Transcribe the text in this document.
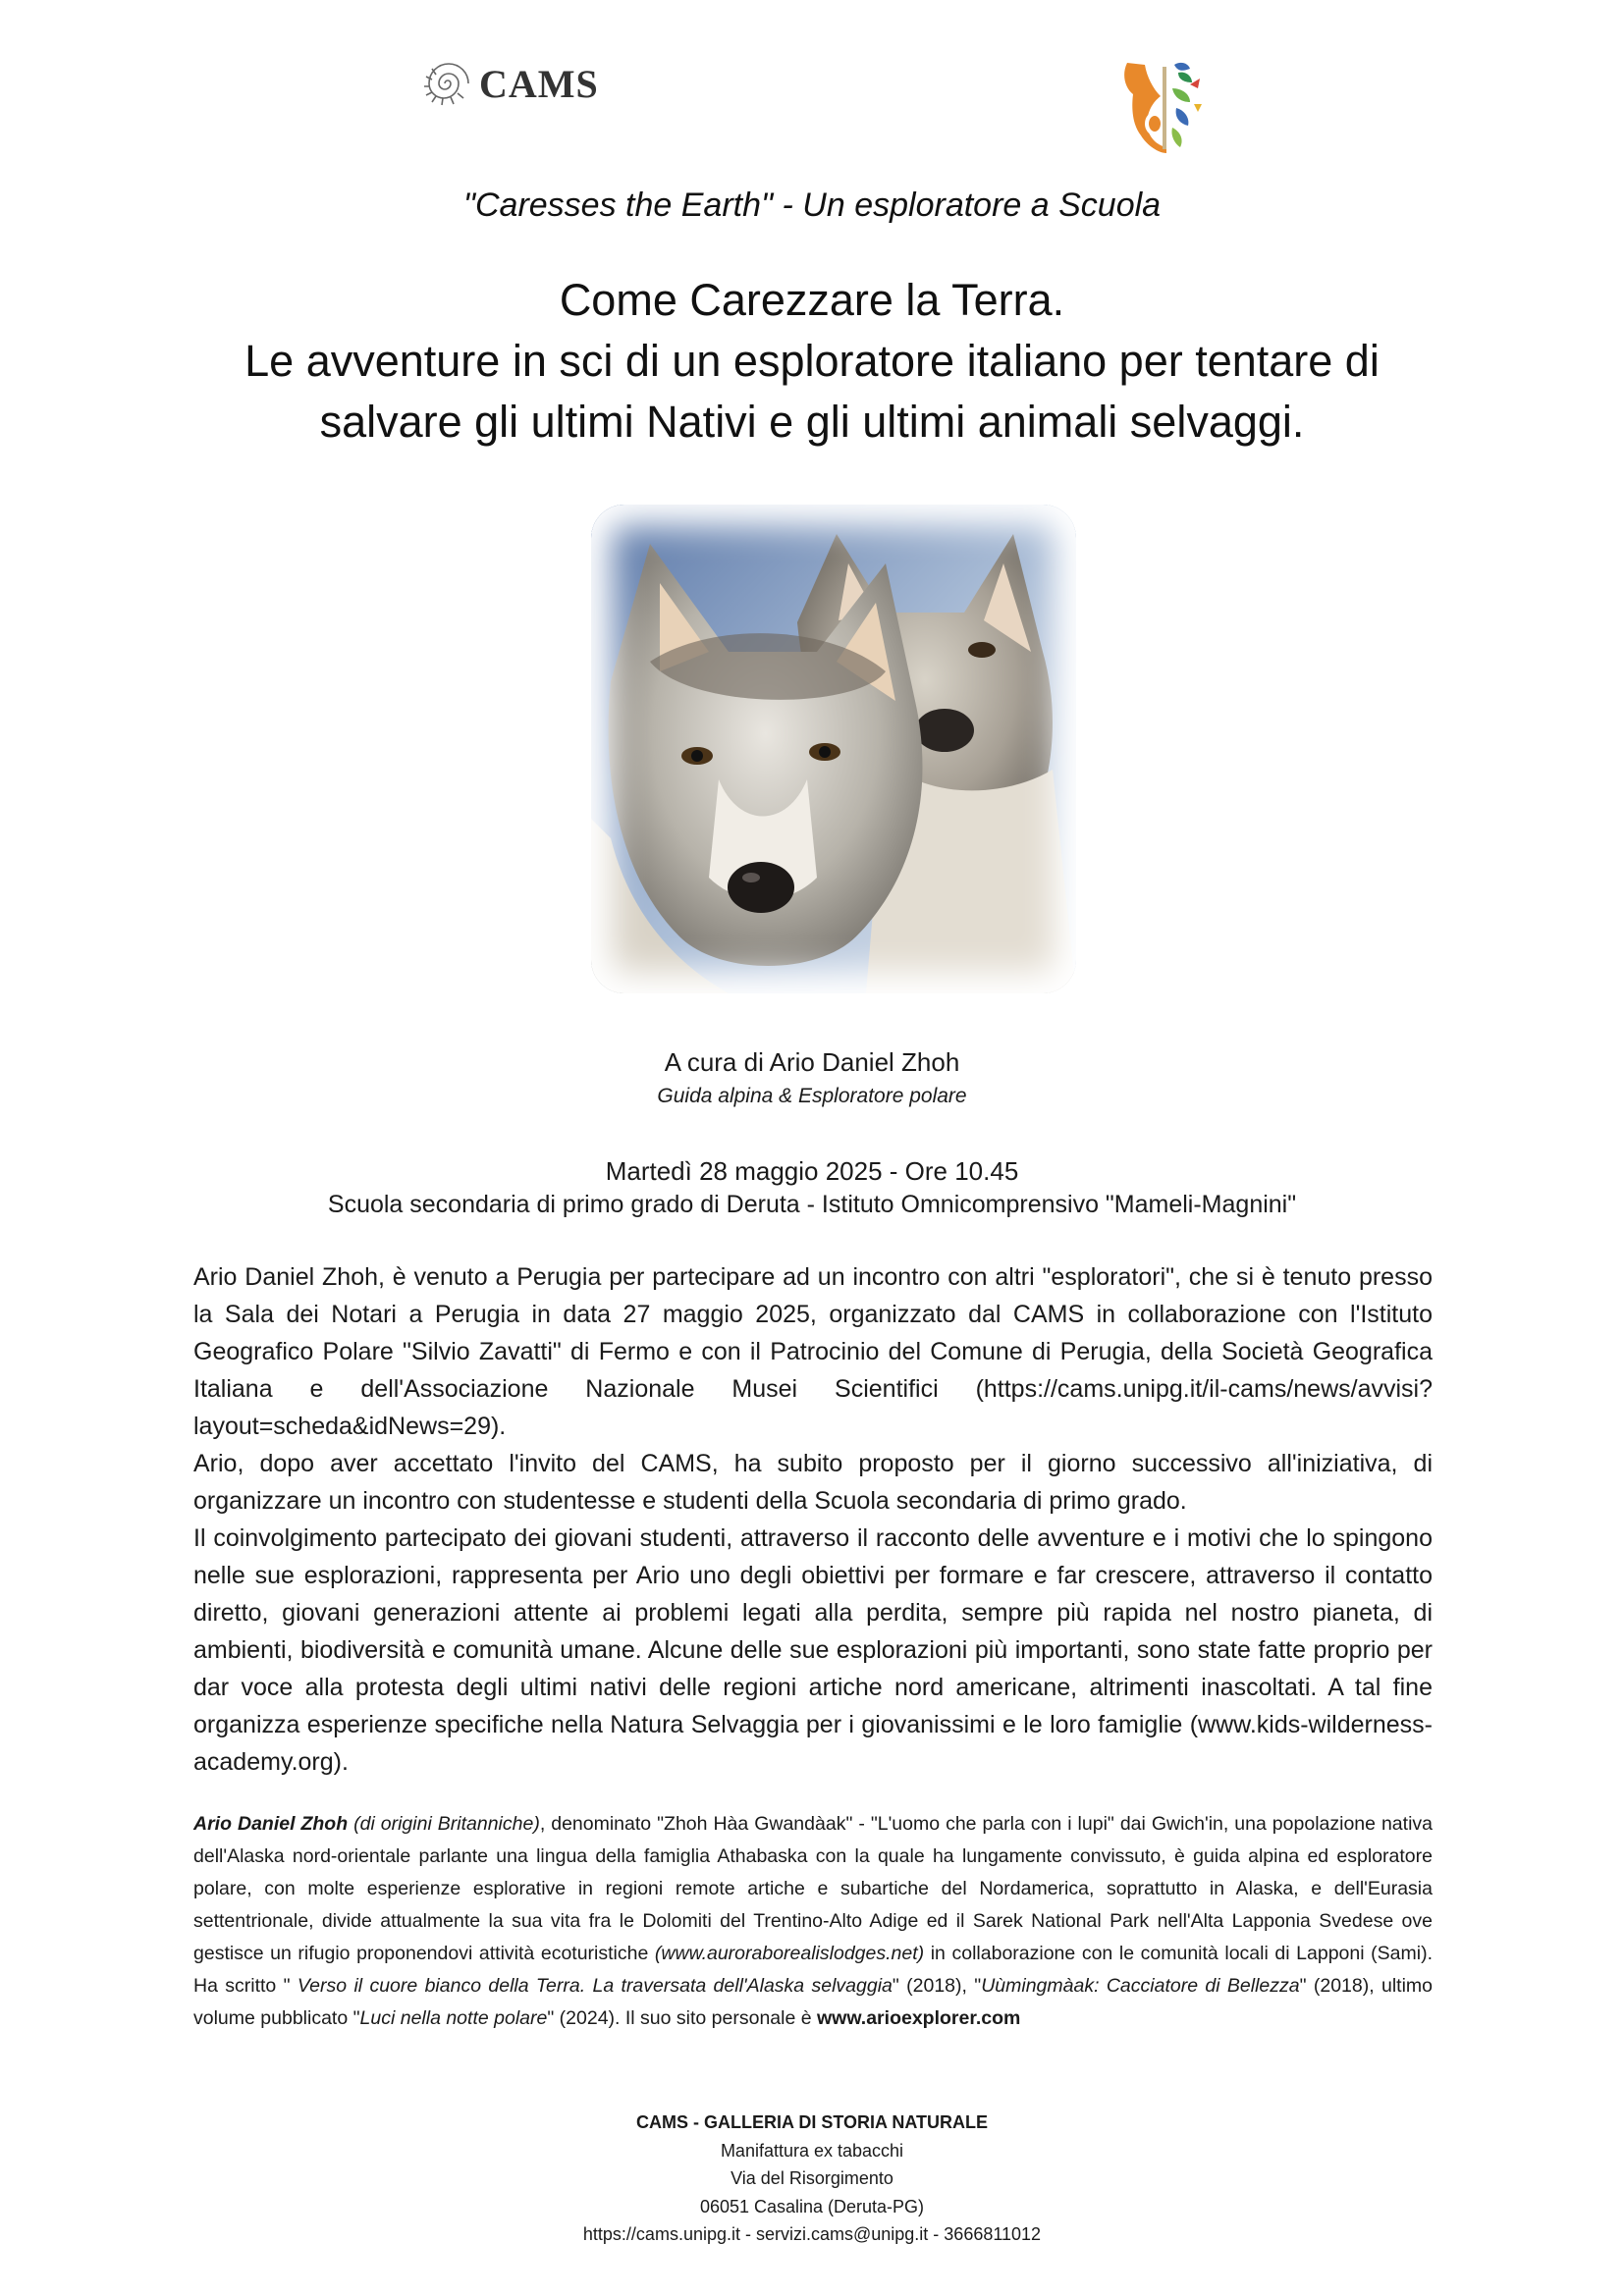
CAMS
"Caresses the Earth" - Un esploratore a Scuola
Come Carezzare la Terra.
Le avventure in sci di un esploratore italiano per tentare di
salvare gli ultimi Nativi e gli ultimi animali selvaggi.
A cura di Ario Daniel Zhoh
Guida alpina & Esploratore polare
Martedì 28 maggio 2025 - Ore 10.45
Scuola secondaria di primo grado di Deruta - Istituto Omnicomprensivo "Mameli-Magnini"

Ario Daniel Zhoh, è venuto a Perugia per partecipare ad un incontro con altri "esploratori", che si è tenuto presso la Sala dei Notari a Perugia in data 27 maggio 2025, organizzato dal CAMS in collaborazione con l'Istituto Geografico Polare "Silvio Zavatti" di Fermo e con il Patrocinio del Comune di Perugia, della Società Geografica Italiana e dell'Associazione Nazionale Musei Scientifici (https://cams.unipg.it/il-cams/news/avvisi?layout=scheda&idNews=29).

Ario, dopo aver accettato l'invito del CAMS, ha subito proposto per il giorno successivo all'iniziativa, di organizzare un incontro con studentesse e studenti della Scuola secondaria di primo grado.

Il coinvolgimento partecipato dei giovani studenti, attraverso il racconto delle avventure e i motivi che lo spingono nelle sue esplorazioni, rappresenta per Ario uno degli obiettivi per formare e far crescere, attraverso il contatto diretto, giovani generazioni attente ai problemi legati alla perdita, sempre più rapida nel nostro pianeta, di ambienti, biodiversità e comunità umane. Alcune delle sue esplorazioni più importanti, sono state fatte proprio per dar voce alla protesta degli ultimi nativi delle regioni artiche nord americane, altrimenti inascoltati. A tal fine organizza esperienze specifiche nella Natura Selvaggia per i giovanissimi e le loro famiglie (www.kids-wilderness-academy.org).

Ario Daniel Zhoh (di origini Britanniche), denominato "Zhoh Hàa Gwandàak" - "L'uomo che parla con i lupi" dai Gwich'in, una popolazione nativa dell'Alaska nord-orientale parlante una lingua della famiglia Athabaska con la quale ha lungamente convissuto, è guida alpina ed esploratore polare, con molte esperienze esplorative in regioni remote artiche e subartiche del Nordamerica, soprattutto in Alaska, e dell'Eurasia settentrionale, divide attualmente la sua vita fra le Dolomiti del Trentino-Alto Adige ed il Sarek National Park nell'Alta Lapponia Svedese ove gestisce un rifugio proponendovi attività ecoturistiche (www.auroraborealislodges.net) in collaborazione con le comunità locali di Lapponi (Sami). Ha scritto " Verso il cuore bianco della Terra. La traversata dell'Alaska selvaggia" (2018), "Uùmingmàak: Cacciatore di Bellezza" (2018), ultimo volume pubblicato "Luci nella notte polare" (2024). Il suo sito personale è www.arioexplorer.com
CAMS - GALLERIA DI STORIA NATURALE
Manifattura ex tabacchi
Via del Risorgimento
06051 Casalina (Deruta-PG)
https://cams.unipg.it - servizi.cams@unipg.it - 3666811012
